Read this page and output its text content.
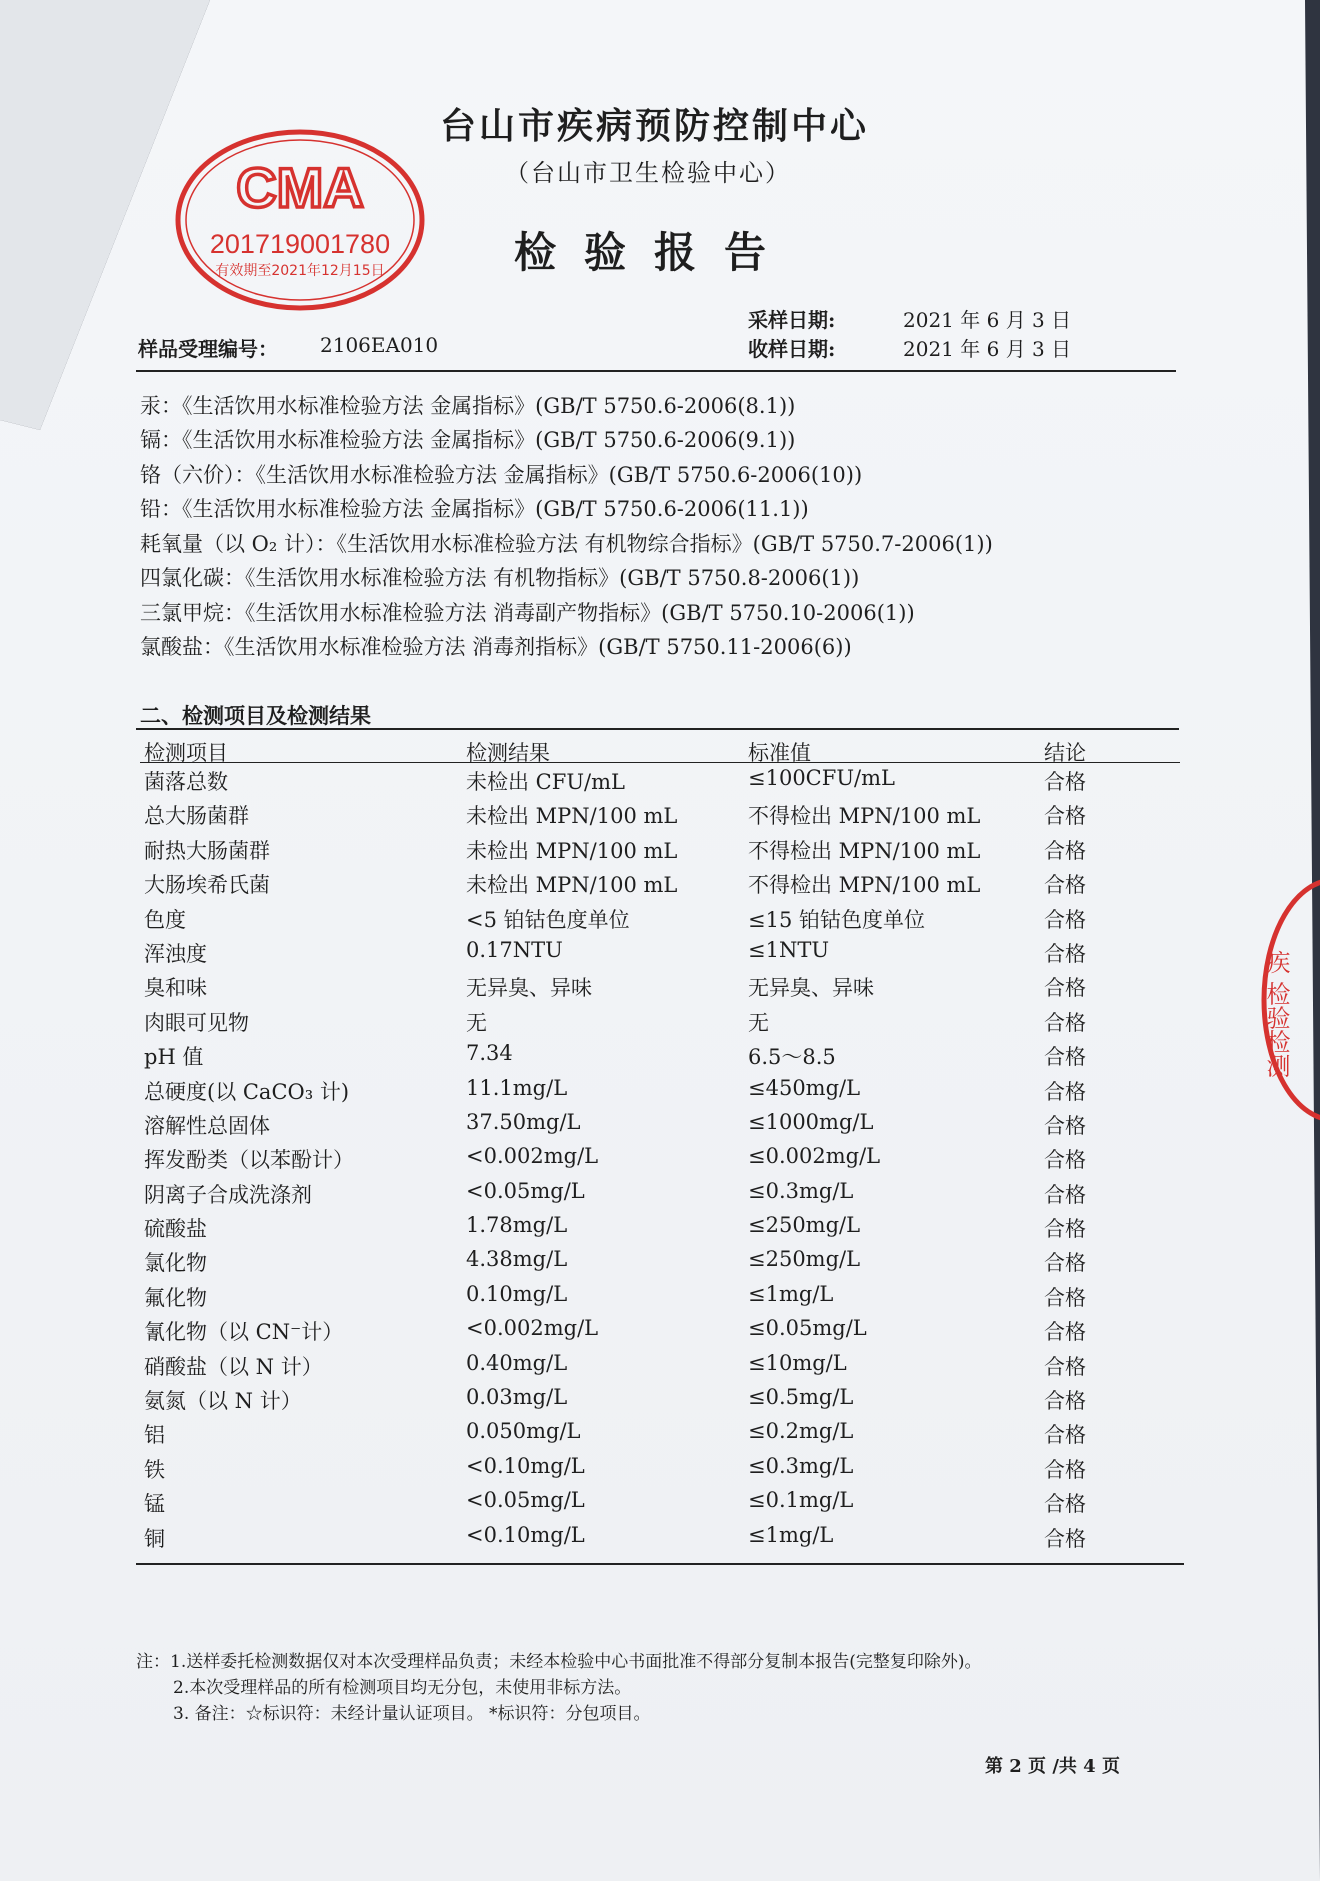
CMA
201719001780
有效期至2021年12月15日
疾 检验检测
台山市疾病预防控制中心
（台山市卫生检验中心）
检验报告
采样日期:	2021 年 6 月 3 日
样品受理编号： 2106EA010	收样日期:	2021 年 6 月 3 日
汞：《生活饮用水标准检验方法 金属指标》(GB/T 5750.6-2006(8.1))
镉：《生活饮用水标准检验方法 金属指标》(GB/T 5750.6-2006(9.1))
铬（六价）：《生活饮用水标准检验方法 金属指标》(GB/T 5750.6-2006(10))
铅：《生活饮用水标准检验方法 金属指标》(GB/T 5750.6-2006(11.1))
耗氧量（以 O₂ 计）：《生活饮用水标准检验方法 有机物综合指标》(GB/T 5750.7-2006(1))
四氯化碳：《生活饮用水标准检验方法 有机物指标》(GB/T 5750.8-2006(1))
三氯甲烷：《生活饮用水标准检验方法 消毒副产物指标》(GB/T 5750.10-2006(1))
氯酸盐：《生活饮用水标准检验方法 消毒剂指标》(GB/T 5750.11-2006(6))
二、检测项目及检测结果
检测项目	检测结果	标准值	结论
菌落总数	未检出 CFU/mL	≤100CFU/mL	合格
总大肠菌群	未检出 MPN/100 mL	不得检出 MPN/100 mL	合格
耐热大肠菌群	未检出 MPN/100 mL	不得检出 MPN/100 mL	合格
大肠埃希氏菌	未检出 MPN/100 mL	不得检出 MPN/100 mL	合格
色度	<5 铂钴色度单位	≤15 铂钴色度单位	合格
浑浊度	0.17NTU	≤1NTU	合格
臭和味	无异臭、异味	无异臭、异味	合格
肉眼可见物	无	无	合格
pH 值	7.34	6.5～8.5	合格
总硬度(以 CaCO₃ 计)	11.1mg/L	≤450mg/L	合格
溶解性总固体	37.50mg/L	≤1000mg/L	合格
挥发酚类（以苯酚计）	<0.002mg/L	≤0.002mg/L	合格
阴离子合成洗涤剂	<0.05mg/L	≤0.3mg/L	合格
硫酸盐	1.78mg/L	≤250mg/L	合格
氯化物	4.38mg/L	≤250mg/L	合格
氟化物	0.10mg/L	≤1mg/L	合格
氰化物（以 CN⁻计）	<0.002mg/L	≤0.05mg/L	合格
硝酸盐（以 N 计）	0.40mg/L	≤10mg/L	合格
氨氮（以 N 计）	0.03mg/L	≤0.5mg/L	合格
铝	0.050mg/L	≤0.2mg/L	合格
铁	<0.10mg/L	≤0.3mg/L	合格
锰	<0.05mg/L	≤0.1mg/L	合格
铜	<0.10mg/L	≤1mg/L	合格
注：1.送样委托检测数据仅对本次受理样品负责；未经本检验中心书面批准不得部分复制本报告(完整复印除外)。
2.本次受理样品的所有检测项目均无分包，未使用非标方法。
3. 备注：☆标识符：未经计量认证项目。 *标识符：分包项目。
第 2 页 /共 4 页
